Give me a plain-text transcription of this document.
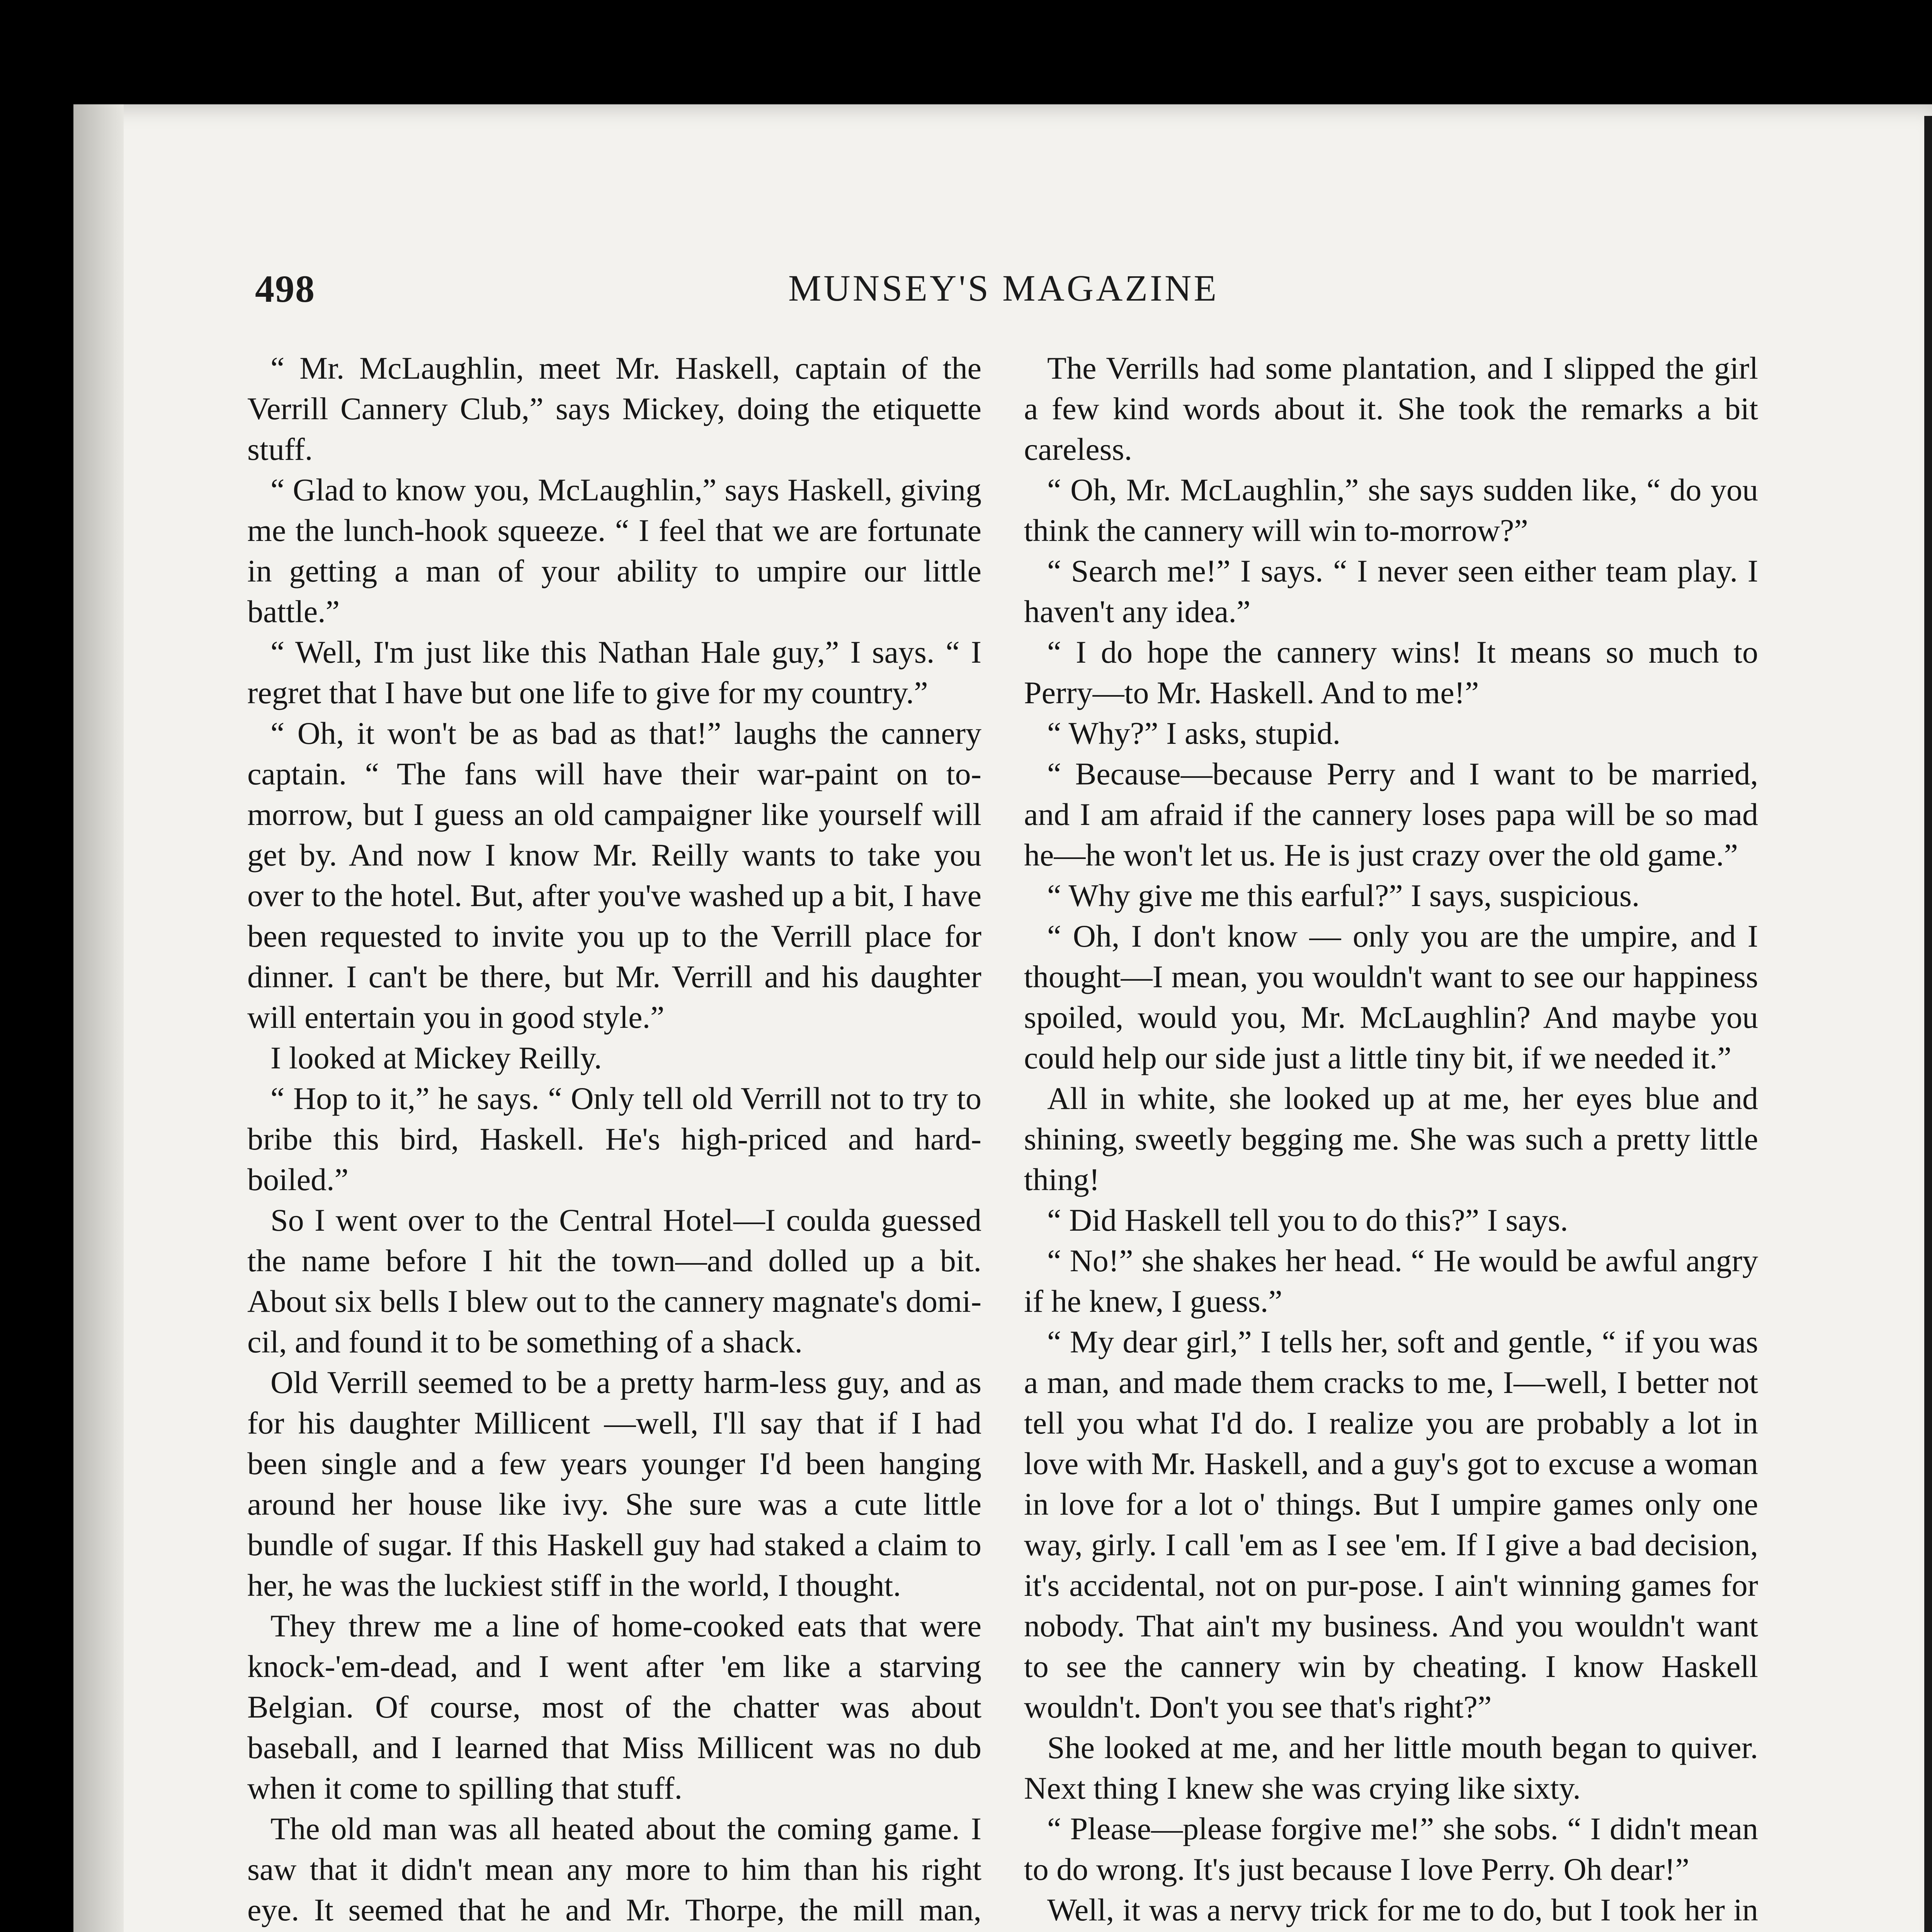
498	MUNSEY'S MAGAZINE

“ Mr. McLaughlin, meet Mr. Haskell, captain of the Verrill Cannery Club,” says Mickey, doing the etiquette stuff.

“ Glad to know you, McLaughlin,” says Haskell, giving me the lunch-hook squeeze. “ I feel that we are fortunate in getting a man of your ability to umpire our little battle.”

“ Well, I'm just like this Nathan Hale guy,” I says. “ I regret that I have but one life to give for my country.”

“ Oh, it won't be as bad as that!” laughs the cannery captain. “ The fans will have their war-paint on to-morrow, but I guess an old campaigner like yourself will get by. And now I know Mr. Reilly wants to take you over to the hotel. But, after you've washed up a bit, I have been requested to invite you up to the Verrill place for dinner. I can't be there, but Mr. Verrill and his daughter will entertain you in good style.”

I looked at Mickey Reilly.

“ Hop to it,” he says. “ Only tell old Verrill not to try to bribe this bird, Haskell. He's high-priced and hard-boiled.”

So I went over to the Central Hotel—I coulda guessed the name before I hit the town—and dolled up a bit. About six bells I blew out to the cannery magnate's domi-cil, and found it to be something of a shack.

Old Verrill seemed to be a pretty harm-less guy, and as for his daughter Millicent —well, I'll say that if I had been single and a few years younger I'd been hanging around her house like ivy. She sure was a cute little bundle of sugar. If this Haskell guy had staked a claim to her, he was the luckiest stiff in the world, I thought.

They threw me a line of home-cooked eats that were knock-'em-dead, and I went after 'em like a starving Belgian. Of course, most of the chatter was about baseball, and I learned that Miss Millicent was no dub when it come to spilling that stuff.

The old man was all heated about the coming game. I saw that it didn't mean any more to him than his right eye. It seemed that he and Mr. Thorpe, the mill man,

The Verrills had some plantation, and I slipped the girl a few kind words about it. She took the remarks a bit careless.

“ Oh, Mr. McLaughlin,” she says sudden like, “ do you think the cannery will win to-morrow?”

“ Search me!” I says. “ I never seen either team play. I haven't any idea.”

“ I do hope the cannery wins! It means so much to Perry—to Mr. Haskell. And to me!”

“ Why?” I asks, stupid.

“ Because—because Perry and I want to be married, and I am afraid if the cannery loses papa will be so mad he—he won't let us. He is just crazy over the old game.”

“ Why give me this earful?” I says, suspicious.

“ Oh, I don't know — only you are the umpire, and I thought—I mean, you wouldn't want to see our happiness spoiled, would you, Mr. McLaughlin? And maybe you could help our side just a little tiny bit, if we needed it.”

All in white, she looked up at me, her eyes blue and shining, sweetly begging me. She was such a pretty little thing!

“ Did Haskell tell you to do this?” I says.

“ No!” she shakes her head. “ He would be awful angry if he knew, I guess.”

“ My dear girl,” I tells her, soft and gentle, “ if you was a man, and made them cracks to me, I—well, I better not tell you what I'd do. I realize you are probably a lot in love with Mr. Haskell, and a guy's got to excuse a woman in love for a lot o' things. But I umpire games only one way, girly. I call 'em as I see 'em. If I give a bad decision, it's accidental, not on pur-pose. I ain't winning games for nobody. That ain't my business. And you wouldn't want to see the cannery win by cheating. I know Haskell wouldn't. Don't you see that's right?”

She looked at me, and her little mouth began to quiver. Next thing I knew she was crying like sixty.

“ Please—please forgive me!” she sobs. “ I didn't mean to do wrong. It's just because I love Perry. Oh dear!”

Well, it was a nervy trick for me to do, but I took her in
